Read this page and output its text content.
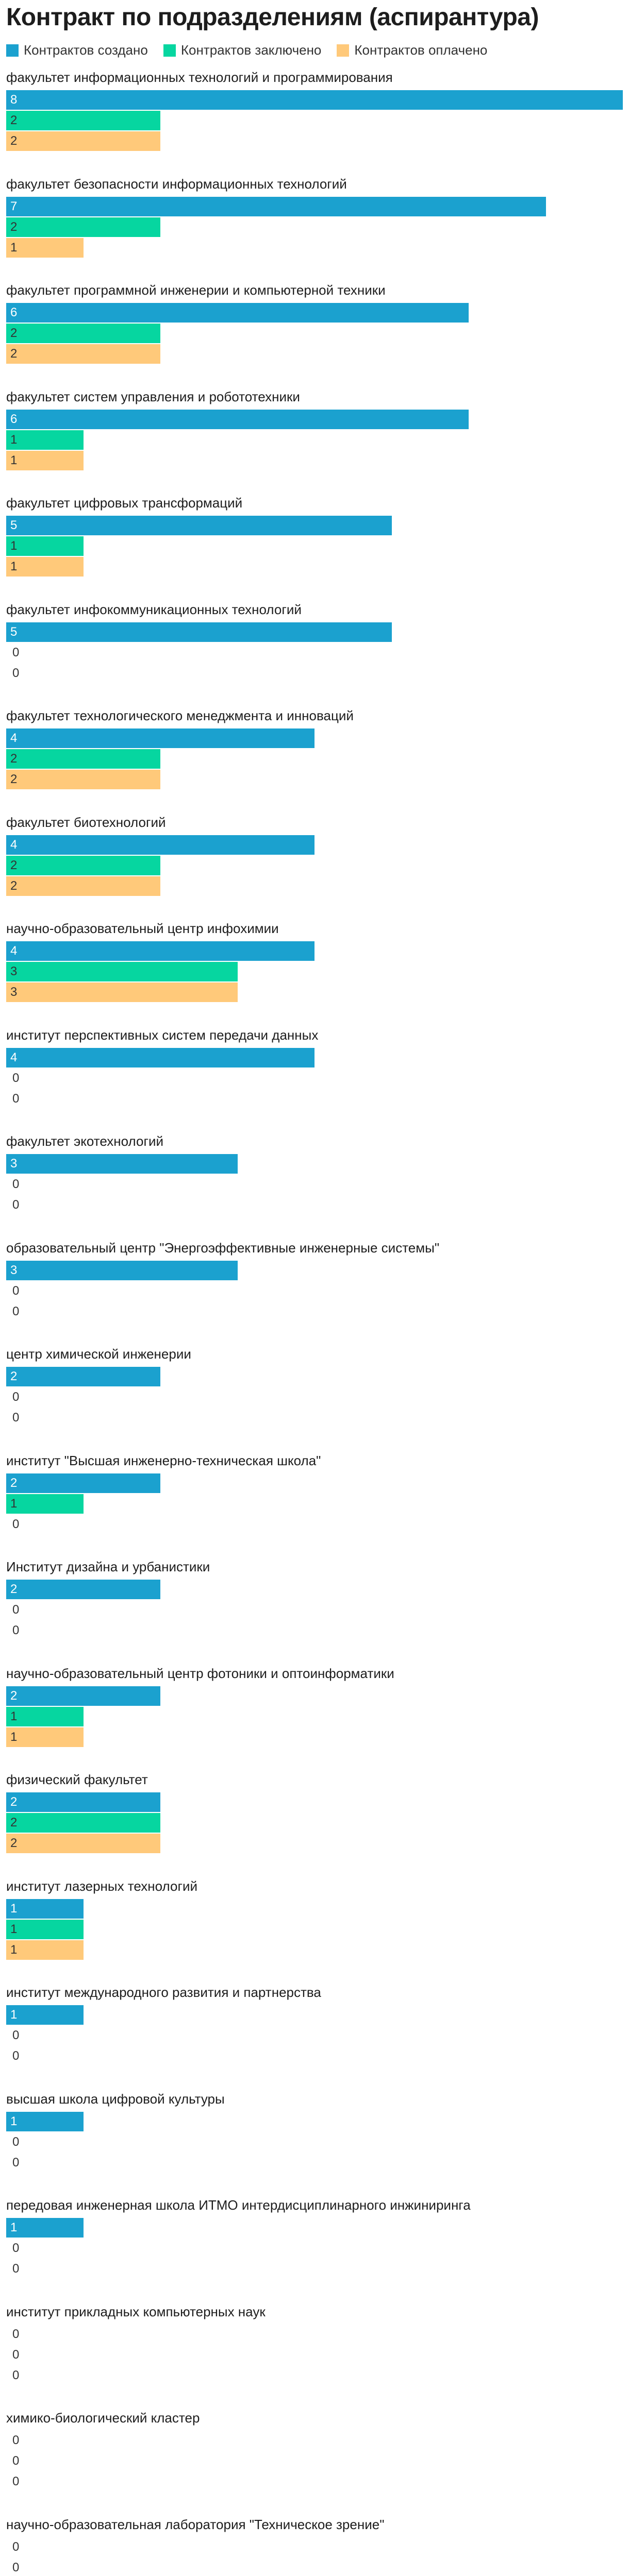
Контракт по подразделениям (аспирантура)
Контрактов создано Контрактов заключено Контрактов оплачено
факультет информационных технологий и программирования
8
2
2
факультет безопасности информационных технологий
7
2
1
факультет программной инженерии и компьютерной техники
6
2
2
факультет систем управления и робототехники
6
1
1
факультет цифровых трансформаций
5
1
1
факультет инфокоммуникационных технологий
5
0
0
факультет технологического менеджмента и инноваций
4
2
2
факультет биотехнологий
4
2
2
научно-образовательный центр инфохимии
4
3
3
институт перспективных систем передачи данных
4
0
0
факультет экотехнологий
3
0
0
образовательный центр "Энергоэффективные инженерные системы"
3
0
0
центр химической инженерии
2
0
0
институт "Высшая инженерно-техническая школа"
2
1
0
Институт дизайна и урбанистики
2
0
0
научно-образовательный центр фотоники и оптоинформатики
2
1
1
физический факультет
2
2
2
институт лазерных технологий
1
1
1
институт международного развития и партнерства
1
0
0
высшая школа цифровой культуры
1
0
0
передовая инженерная школа ИТМО интердисциплинарного инжиниринга
1
0
0
институт прикладных компьютерных наук
0
0
0
химико-биологический кластер
0
0
0
научно-образовательная лаборатория "Техническое зрение"
0
0
